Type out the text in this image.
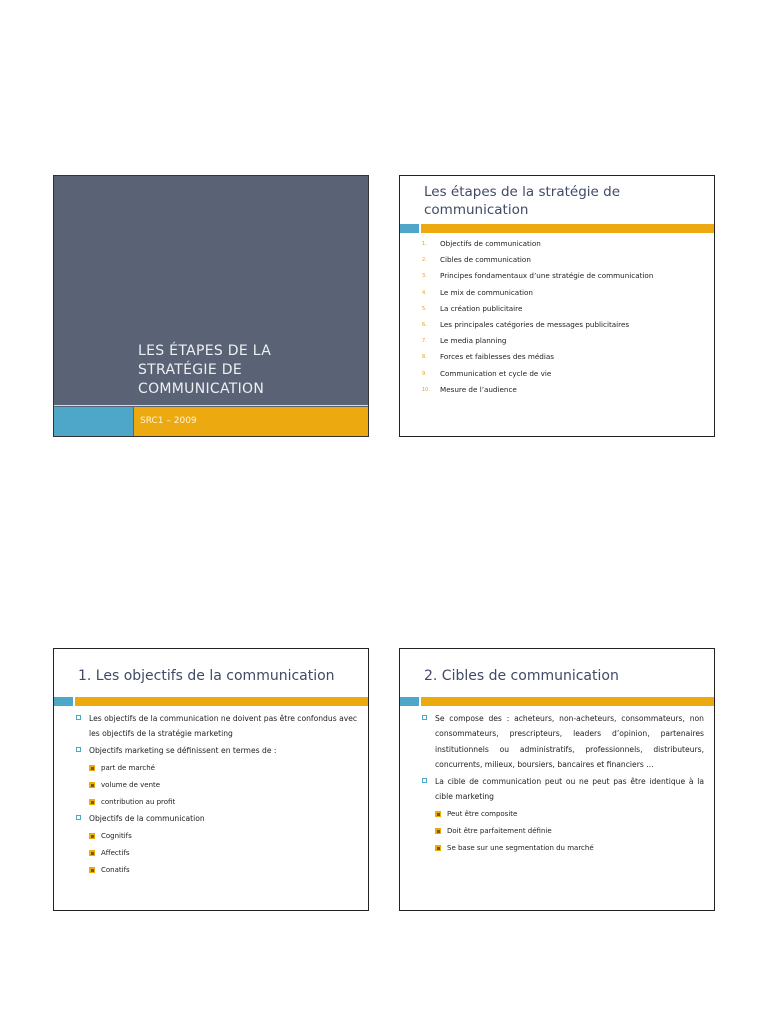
LES ÉTAPES DE LA
STRATÉGIE DE
COMMUNICATION
SRC1 – 2009
Les étapes de la stratégie de communication
1. Objectifs de communication
2. Cibles de communication
3. Principes fondamentaux d’une stratégie de communication
4. Le mix de communication
5. La création publicitaire
6. Les principales catégories de messages publicitaires
7. Le media planning
8. Forces et faiblesses des médias
9. Communication et cycle de vie
10. Mesure de l’audience
1. Les objectifs de la communication
Les objectifs de la communication ne doivent pas être confondus avec les objectifs de la stratégie marketing
Objectifs marketing se définissent en termes de :
part de marché
volume de vente
contribution au profit
Objectifs de la communication
Cognitifs
Affectifs
Conatifs
2. Cibles de communication
Se compose des : acheteurs, non-acheteurs, consommateurs, non consommateurs, prescripteurs, leaders d’opinion, partenaires institutionnels ou administratifs, professionnels, distributeurs, concurrents, milieux, boursiers, bancaires et financiers …
La cible de communication peut ou ne peut pas être identique à la cible marketing
Peut être composite
Doit être parfaitement définie
Se base sur une segmentation du marché
